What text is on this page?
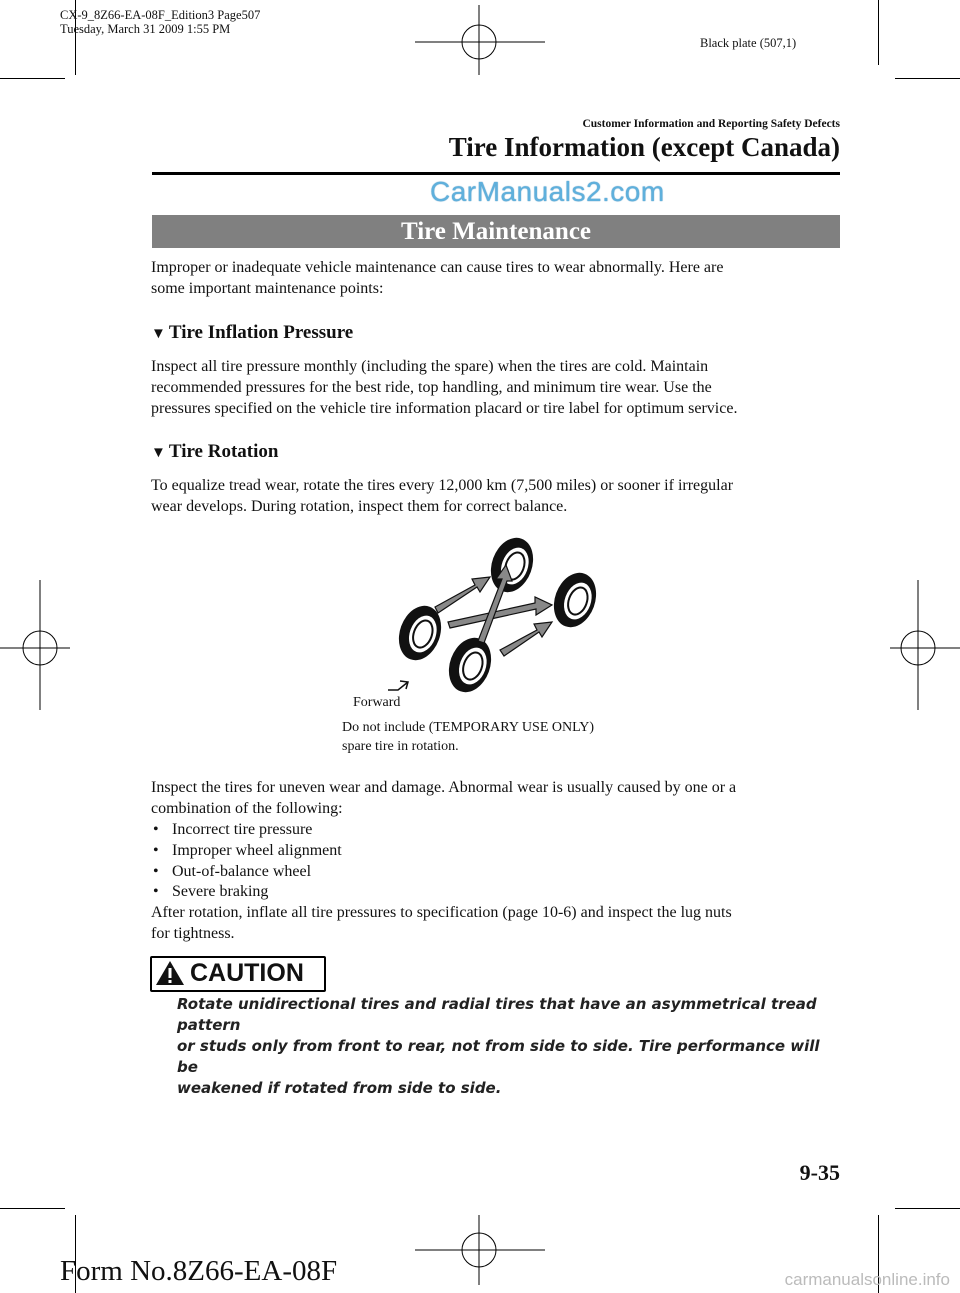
CX-9_8Z66-EA-08F_Edition3 Page507
Tuesday, March 31 2009 1:55 PM
Black plate (507,1)
Customer Information and Reporting Safety Defects
Tire Information (except Canada)
CarManuals2.com
Tire Maintenance
Improper or inadequate vehicle maintenance can cause tires to wear abnormally. Here are
some important maintenance points:
▼ Tire Inflation Pressure
Inspect all tire pressure monthly (including the spare) when the tires are cold. Maintain
recommended pressures for the best ride, top handling, and minimum tire wear. Use the
pressures specified on the vehicle tire information placard or tire label for optimum service.
▼ Tire Rotation
To equalize tread wear, rotate the tires every 12,000 km (7,500 miles) or sooner if irregular
wear develops. During rotation, inspect them for correct balance.
Forward
Do not include (TEMPORARY USE ONLY)
spare tire in rotation.
Inspect the tires for uneven wear and damage. Abnormal wear is usually caused by one or a
combination of the following:
• Incorrect tire pressure
• Improper wheel alignment
• Out-of-balance wheel
• Severe braking
After rotation, inflate all tire pressures to specification (page 10-6) and inspect the lug nuts
for tightness.
CAUTION
Rotate unidirectional tires and radial tires that have an asymmetrical tread pattern
or studs only from front to rear, not from side to side. Tire performance will be
weakened if rotated from side to side.
9-35
Form No.8Z66-EA-08F	carmanualsonline.info
